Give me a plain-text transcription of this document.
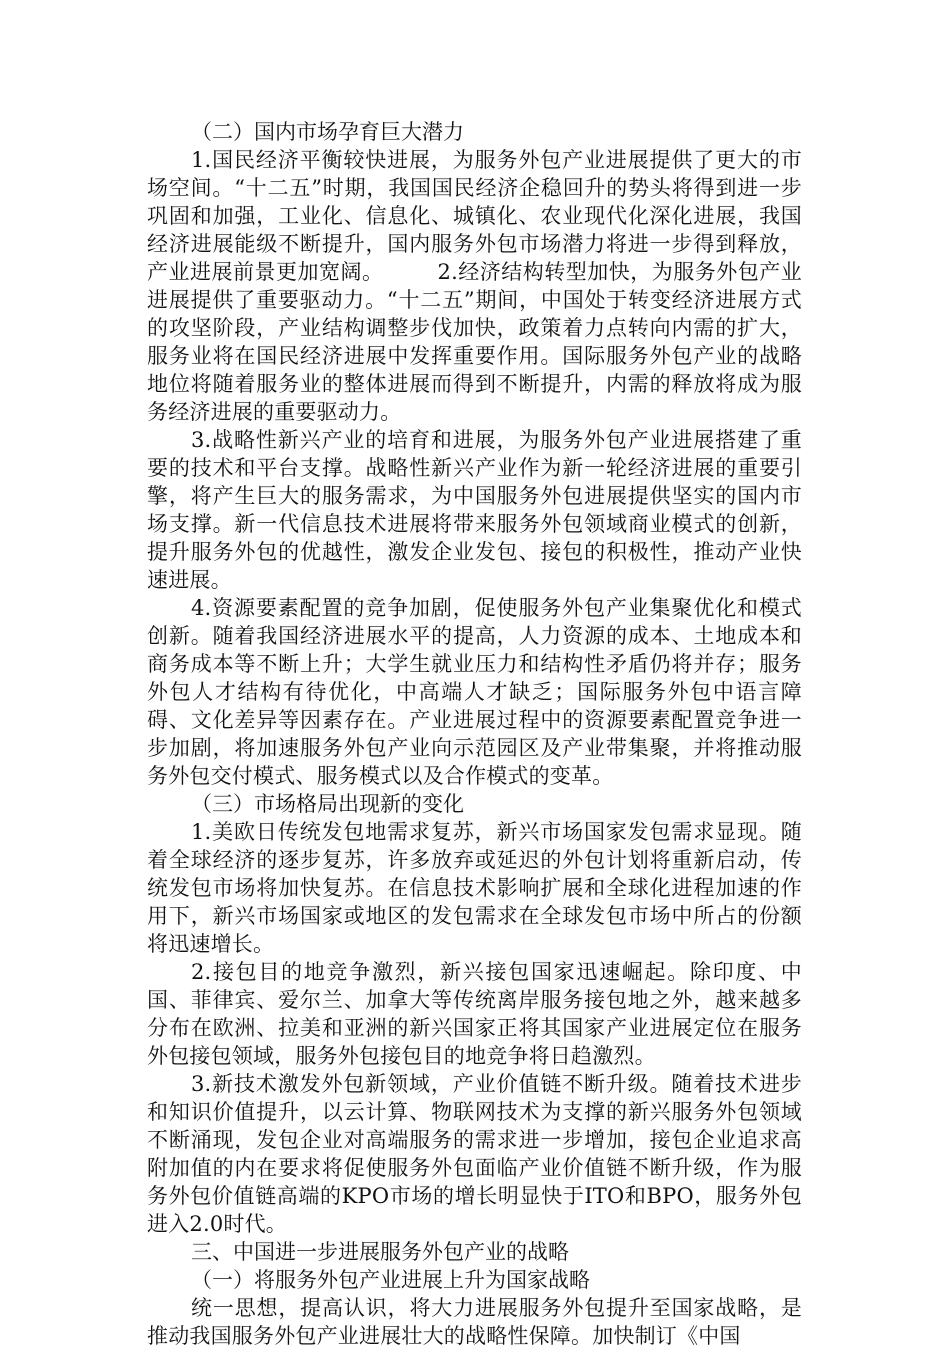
（二）国内市场孕育巨大潜力

1.国民经济平衡较快进展，为服务外包产业进展提供了更大的市场空间。“十二五”时期，我国国民经济企稳回升的势头将得到进一步巩固和加强，工业化、信息化、城镇化、农业现代化深化进展，我国经济进展能级不断提升，国内服务外包市场潜力将进一步得到释放，产业进展前景更加宽阔。　　　2.经济结构转型加快，为服务外包产业进展提供了重要驱动力。“十二五”期间，中国处于转变经济进展方式的攻坚阶段，产业结构调整步伐加快，政策着力点转向内需的扩大，服务业将在国民经济进展中发挥重要作用。国际服务外包产业的战略地位将随着服务业的整体进展而得到不断提升，内需的释放将成为服务经济进展的重要驱动力。

3.战略性新兴产业的培育和进展，为服务外包产业进展搭建了重要的技术和平台支撑。战略性新兴产业作为新一轮经济进展的重要引擎，将产生巨大的服务需求，为中国服务外包进展提供坚实的国内市场支撑。新一代信息技术进展将带来服务外包领域商业模式的创新，提升服务外包的优越性，激发企业发包、接包的积极性，推动产业快速进展。

4.资源要素配置的竞争加剧，促使服务外包产业集聚优化和模式创新。随着我国经济进展水平的提高，人力资源的成本、土地成本和商务成本等不断上升；大学生就业压力和结构性矛盾仍将并存；服务外包人才结构有待优化，中高端人才缺乏；国际服务外包中语言障碍、文化差异等因素存在。产业进展过程中的资源要素配置竞争进一步加剧，将加速服务外包产业向示范园区及产业带集聚，并将推动服务外包交付模式、服务模式以及合作模式的变革。

（三）市场格局出现新的变化

1.美欧日传统发包地需求复苏，新兴市场国家发包需求显现。随着全球经济的逐步复苏，许多放弃或延迟的外包计划将重新启动，传统发包市场将加快复苏。在信息技术影响扩展和全球化进程加速的作用下，新兴市场国家或地区的发包需求在全球发包市场中所占的份额将迅速增长。

2.接包目的地竞争激烈，新兴接包国家迅速崛起。除印度、中国、菲律宾、爱尔兰、加拿大等传统离岸服务接包地之外，越来越多分布在欧洲、拉美和亚洲的新兴国家正将其国家产业进展定位在服务外包接包领域，服务外包接包目的地竞争将日趋激烈。

3.新技术激发外包新领域，产业价值链不断升级。随着技术进步和知识价值提升，以云计算、物联网技术为支撑的新兴服务外包领域不断涌现，发包企业对高端服务的需求进一步增加，接包企业追求高附加值的内在要求将促使服务外包面临产业价值链不断升级，作为服务外包价值链高端的KPO市场的增长明显快于ITO和BPO，服务外包进入2.0时代。

三、中国进一步进展服务外包产业的战略

（一）将服务外包产业进展上升为国家战略

统一思想，提高认识，将大力进展服务外包提升至国家战略，是推动我国服务外包产业进展壮大的战略性保障。加快制订《中国
